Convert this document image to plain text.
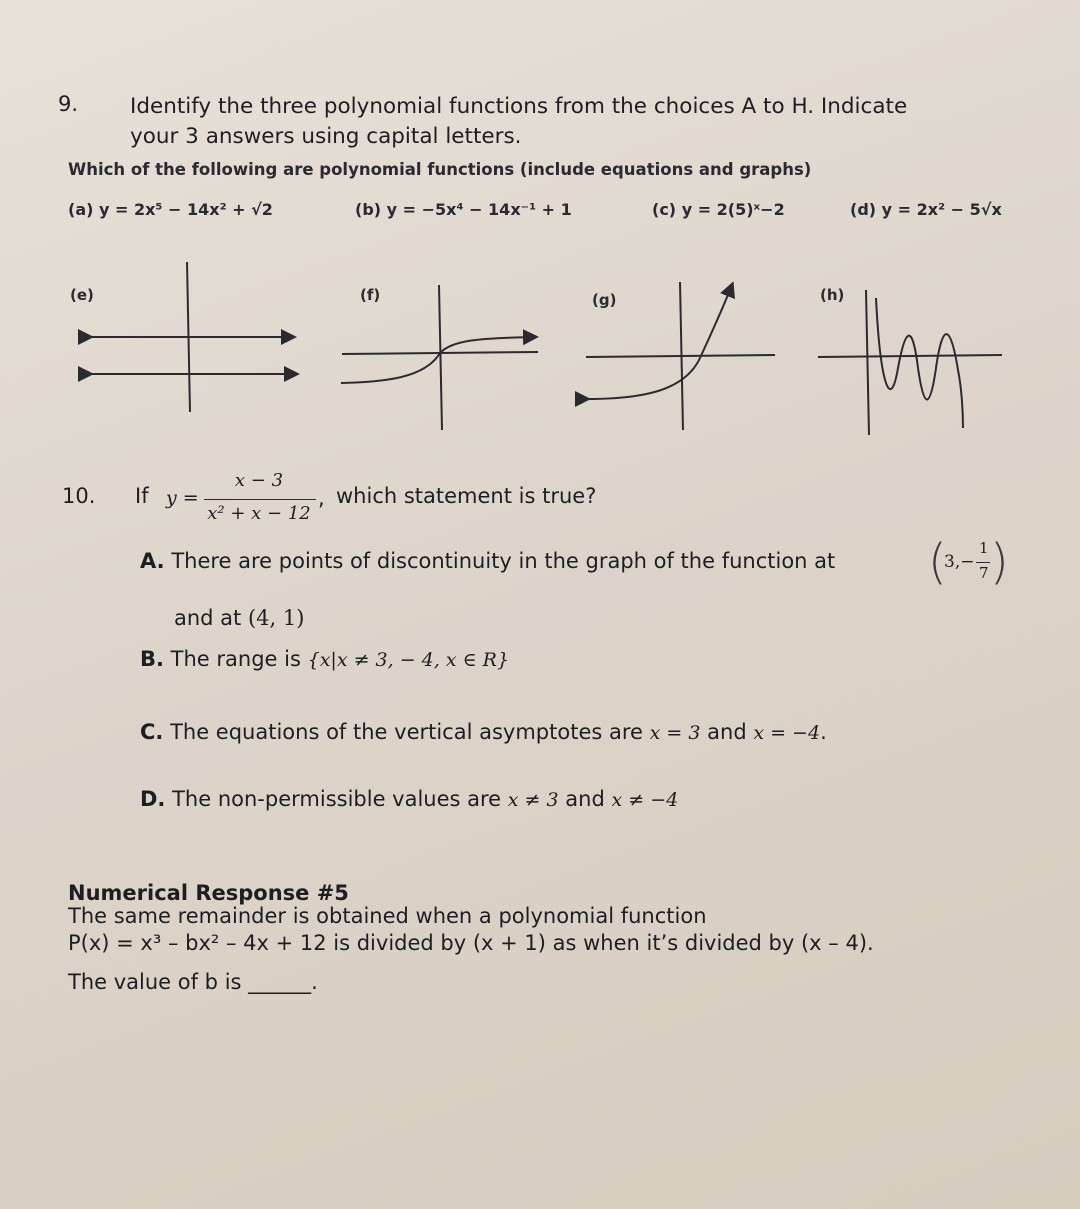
9. Identify the three polynomial functions from the choices A to H. Indicate
your 3 answers using capital letters.
Which of the following are polynomial functions (include equations and graphs)
(a) y = 2x⁵ − 14x² + √2	(b) y = −5x⁴ − 14x⁻¹ + 1	(c) y = 2(5)ˣ−2	(d) y = 2x² − 5√x
(e)	(f)	(g)	(h)
10. If y =
x − 3
x² + x − 12
, which statement is true?
A. There are points of discontinuity in the graph of the function at (
3,−
1
7 )
and at (4, 1)
B. The range is {x|x ≠ 3, − 4, x ∈ R}
C. The equations of the vertical asymptotes are x = 3 and x = −4.
D. The non-permissible values are x ≠ 3 and x ≠ −4
Numerical Response #5
The same remainder is obtained when a polynomial function
P(x) = x³ – bx² – 4x + 12 is divided by (x + 1) as when it’s divided by (x – 4).
The value of b is ______.
